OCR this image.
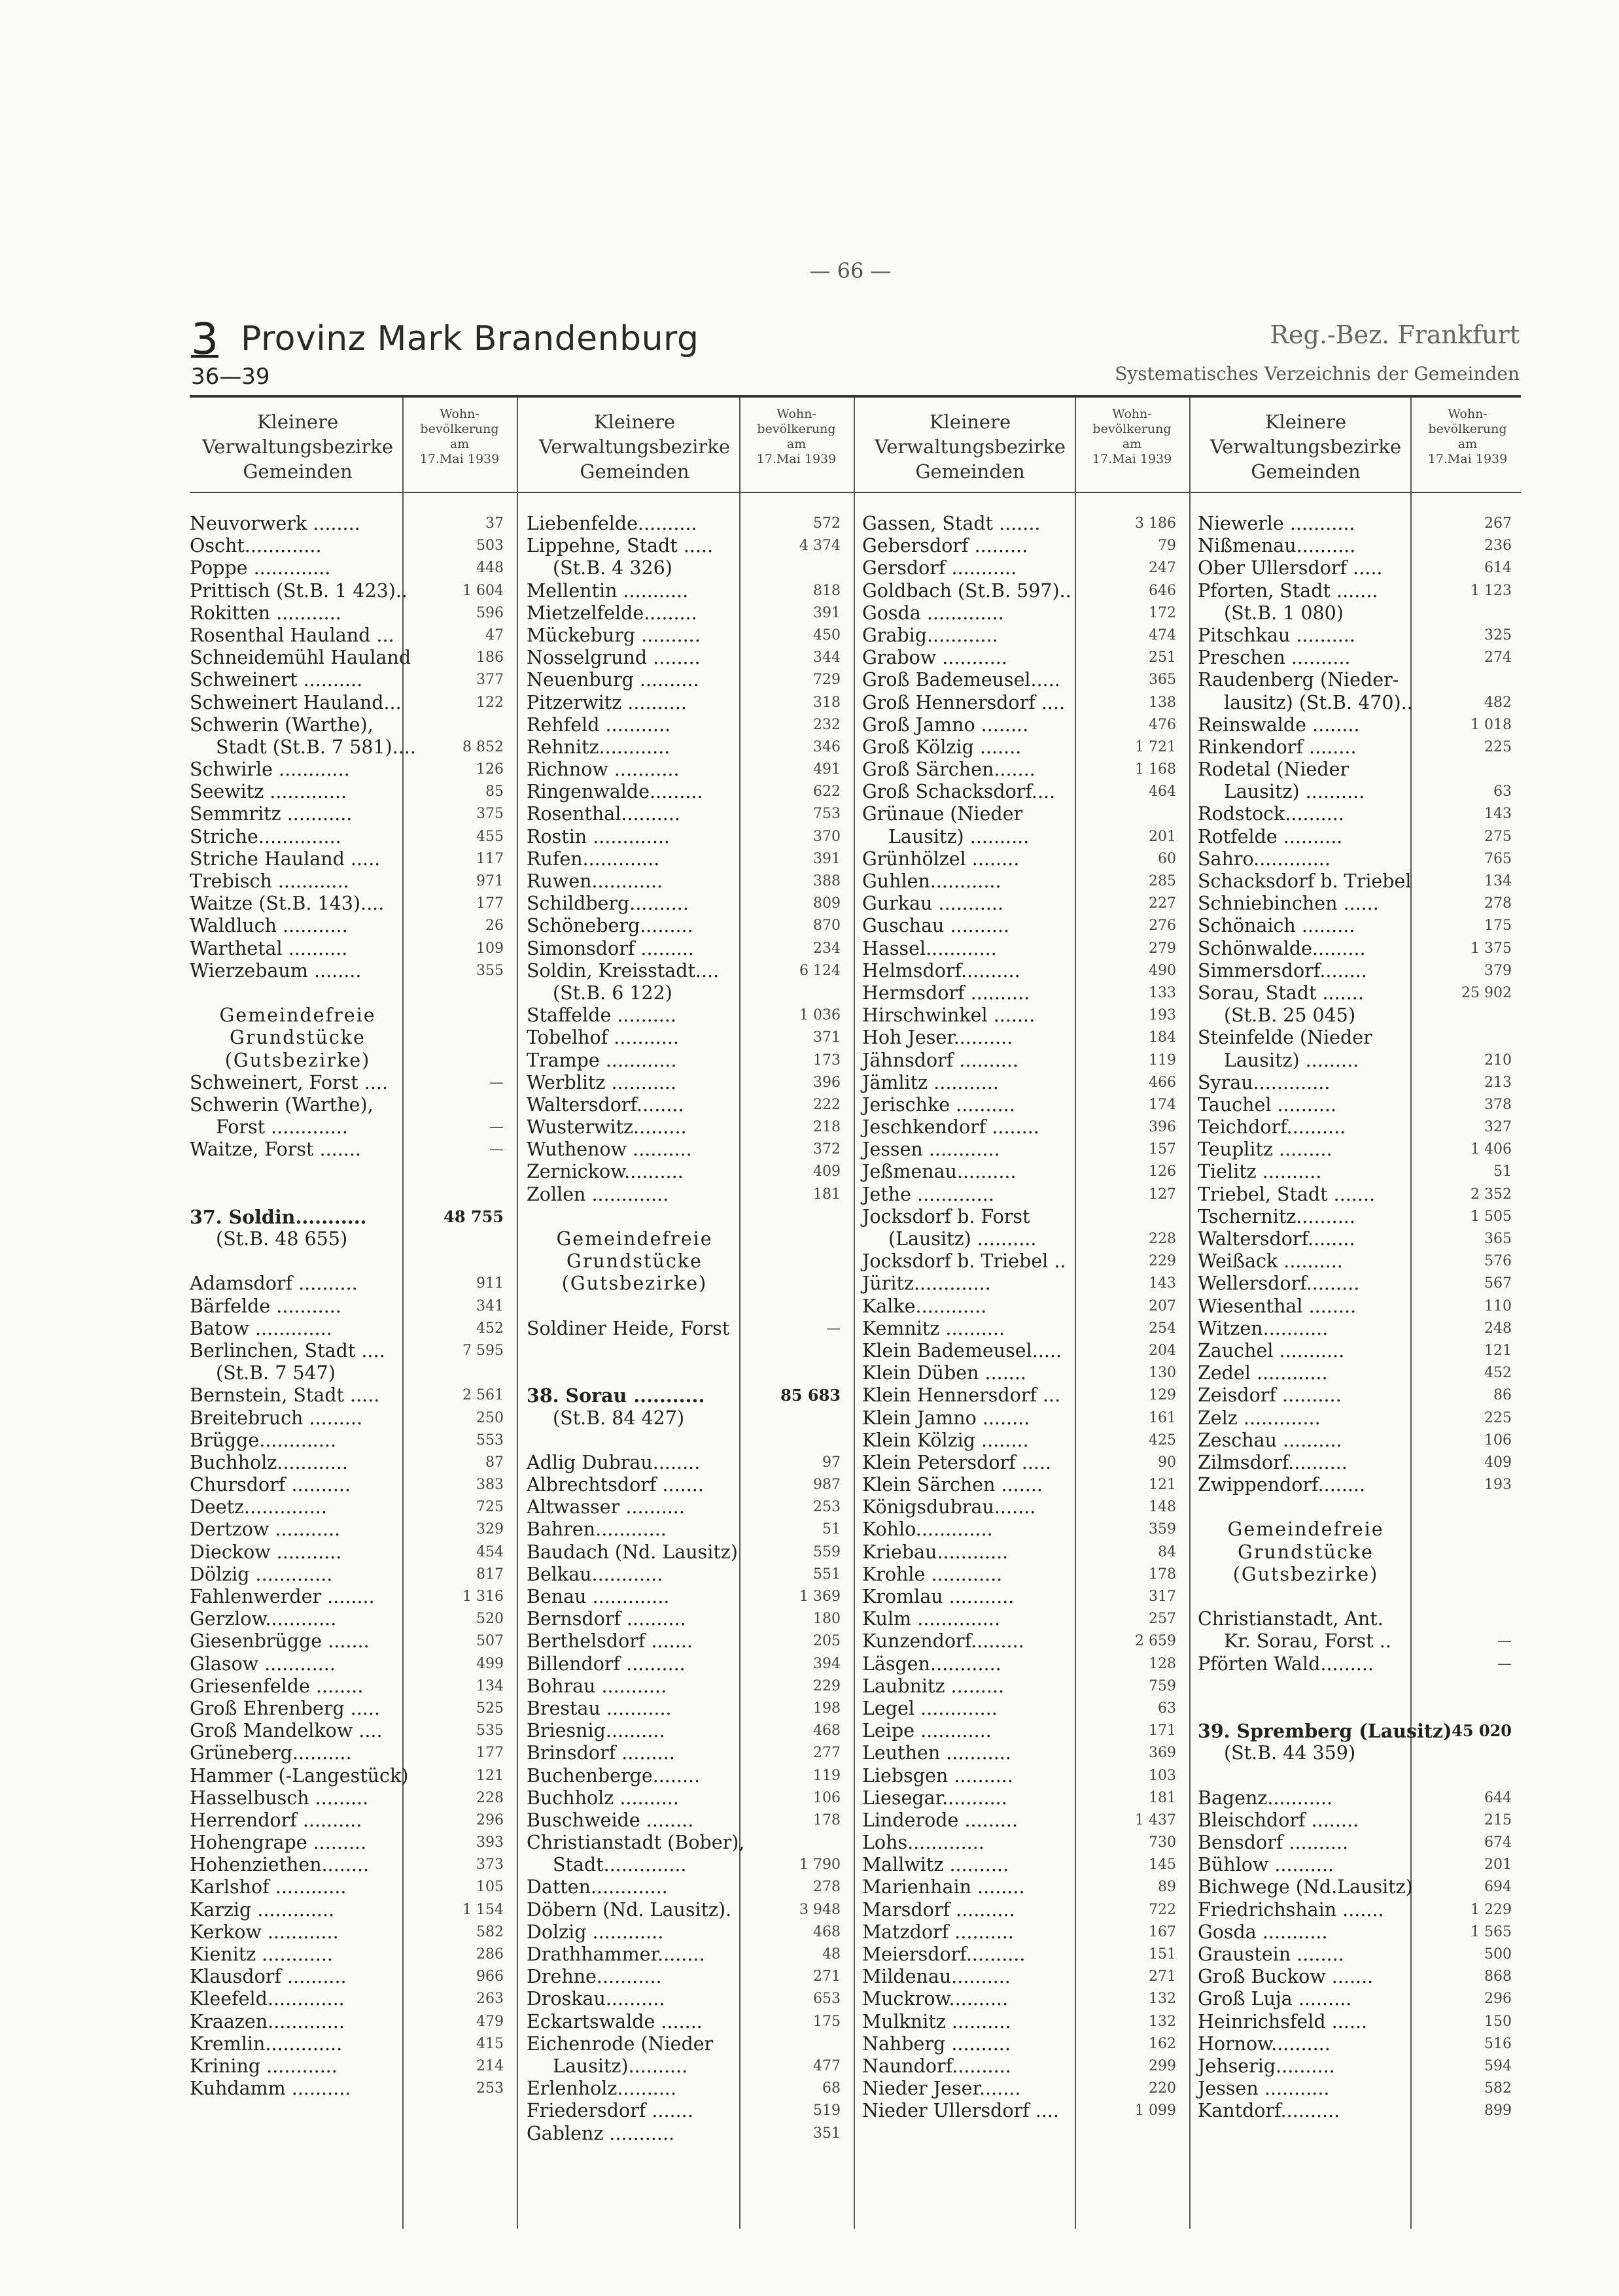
— 66 —
3 Provinz Mark Brandenburg
36—39
Reg.-Bez. Frankfurt
Systematisches Verzeichnis der Gemeinden
Kleinere
Verwaltungsbezirke
Gemeinden
Wohn-
bevölkerung
am
17.Mai 1939
Neuvorwerk ........	37
Oscht.............	503
Poppe .............	448
Prittisch (St.B. 1 423)..	1 604
Rokitten ...........	596
Rosenthal Hauland ...	47
Schneidemühl Hauland	186
Schweinert ..........	377
Schweinert Hauland...	122
Schwerin (Warthe),
Stadt (St.B. 7 581)....	8 852
Schwirle ............	126
Seewitz .............	85
Semmritz ...........	375
Striche..............	455
Striche Hauland .....	117
Trebisch ............	971
Waitze (St.B. 143)....	177
Waldluch ...........	26
Warthetal ..........	109
Wierzebaum ........	355
Gemeindefreie
Grundstücke
(Gutsbezirke)
Schweinert, Forst ....	—
Schwerin (Warthe),
Forst .............	—
Waitze, Forst .......	—
37. Soldin...........	48 755
(St.B. 48 655)
Adamsdorf ..........	911
Bärfelde ...........	341
Batow .............	452
Berlinchen, Stadt ....	7 595
(St.B. 7 547)
Bernstein, Stadt .....	2 561
Breitebruch .........	250
Brügge.............	553
Buchholz............	87
Chursdorf ..........	383
Deetz..............	725
Dertzow ...........	329
Dieckow ...........	454
Dölzig .............	817
Fahlenwerder ........	1 316
Gerzlow............	520
Giesenbrügge .......	507
Glasow ............	499
Griesenfelde ........	134
Groß Ehrenberg .....	525
Groß Mandelkow ....	535
Grüneberg..........	177
Hammer (-Langestück)	121
Hasselbusch .........	228
Herrendorf ..........	296
Hohengrape .........	393
Hohenziethen........	373
Karlshof ............	105
Karzig .............	1 154
Kerkow ............	582
Kienitz ............	286
Klausdorf ..........	966
Kleefeld.............	263
Kraazen.............	479
Kremlin.............	415
Krining ............	214
Kuhdamm ..........	253
Kleinere
Verwaltungsbezirke
Gemeinden
Wohn-
bevölkerung
am
17.Mai 1939
Liebenfelde..........	572
Lippehne, Stadt .....	4 374
(St.B. 4 326)
Mellentin ...........	818
Mietzelfelde.........	391
Mückeburg ..........	450
Nosselgrund ........	344
Neuenburg ..........	729
Pitzerwitz ..........	318
Rehfeld ...........	232
Rehnitz............	346
Richnow ...........	491
Ringenwalde.........	622
Rosenthal..........	753
Rostin .............	370
Rufen.............	391
Ruwen............	388
Schildberg..........	809
Schöneberg.........	870
Simonsdorf .........	234
Soldin, Kreisstadt....	6 124
(St.B. 6 122)
Staffelde ..........	1 036
Tobelhof ...........	371
Trampe ............	173
Werblitz ...........	396
Waltersdorf........	222
Wusterwitz.........	218
Wuthenow ..........	372
Zernickow..........	409
Zollen .............	181
Gemeindefreie
Grundstücke
(Gutsbezirke)
Soldiner Heide, Forst	—
38. Sorau ...........	85 683
(St.B. 84 427)
Adlig Dubrau........	97
Albrechtsdorf .......	987
Altwasser ..........	253
Bahren............	51
Baudach (Nd. Lausitz)	559
Belkau............	551
Benau .............	1 369
Bernsdorf ..........	180
Berthelsdorf .......	205
Billendorf ..........	394
Bohrau ...........	229
Brestau ...........	198
Briesnig..........	468
Brinsdorf .........	277
Buchenberge........	119
Buchholz ..........	106
Buschweide ........	178
Christianstadt (Bober),
Stadt..............	1 790
Datten.............	278
Döbern (Nd. Lausitz).	3 948
Dolzig ............	468
Drathhammer........	48
Drehne...........	271
Droskau..........	653
Eckartswalde .......	175
Eichenrode (Nieder
Lausitz)..........	477
Erlenholz..........	68
Friedersdorf .......	519
Gablenz ...........	351
Kleinere
Verwaltungsbezirke
Gemeinden
Wohn-
bevölkerung
am
17.Mai 1939
Gassen, Stadt .......	3 186
Gebersdorf .........	79
Gersdorf ...........	247
Goldbach (St.B. 597)..	646
Gosda .............	172
Grabig............	474
Grabow ...........	251
Groß Bademeusel.....	365
Groß Hennersdorf ....	138
Groß Jamno ........	476
Groß Kölzig .......	1 721
Groß Särchen.......	1 168
Groß Schacksdorf....	464
Grünaue (Nieder
Lausitz) ..........	201
Grünhölzel ........	60
Guhlen............	285
Gurkau ...........	227
Guschau ..........	276
Hassel............	279
Helmsdorf..........	490
Hermsdorf ..........	133
Hirschwinkel .......	193
Hoh Jeser..........	184
Jähnsdorf ..........	119
Jämlitz ...........	466
Jerischke ..........	174
Jeschkendorf ........	396
Jessen ............	157
Jeßmenau..........	126
Jethe .............	127
Jocksdorf b. Forst
(Lausitz) ..........	228
Jocksdorf b. Triebel ..	229
Jüritz.............	143
Kalke............	207
Kemnitz ..........	254
Klein Bademeusel.....	204
Klein Düben .......	130
Klein Hennersdorf ...	129
Klein Jamno ........	161
Klein Kölzig ........	425
Klein Petersdorf .....	90
Klein Särchen .......	121
Königsdubrau.......	148
Kohlo.............	359
Kriebau............	84
Krohle ............	178
Kromlau ...........	317
Kulm ..............	257
Kunzendorf.........	2 659
Läsgen............	128
Laubnitz .........	759
Legel .............	63
Leipe ............	171
Leuthen ...........	369
Liebsgen ..........	103
Liesegar...........	181
Linderode .........	1 437
Lohs.............	730
Mallwitz ..........	145
Marienhain ........	89
Marsdorf ..........	722
Matzdorf ..........	167
Meiersdorf..........	151
Mildenau..........	271
Muckrow..........	132
Mulknitz ..........	132
Nahberg ..........	162
Naundorf..........	299
Nieder Jeser.......	220
Nieder Ullersdorf ....	1 099
Kleinere
Verwaltungsbezirke
Gemeinden
Wohn-
bevölkerung
am
17.Mai 1939
Niewerle ...........	267
Nißmenau..........	236
Ober Ullersdorf .....	614
Pforten, Stadt .......	1 123
(St.B. 1 080)
Pitschkau ..........	325
Preschen ..........	274
Raudenberg (Nieder-
lausitz) (St.B. 470)..	482
Reinswalde ........	1 018
Rinkendorf ........	225
Rodetal (Nieder
Lausitz) ..........	63
Rodstock..........	143
Rotfelde ..........	275
Sahro.............	765
Schacksdorf b. Triebel	134
Schniebinchen ......	278
Schönaich .........	175
Schönwalde.........	1 375
Simmersdorf........	379
Sorau, Stadt .......	25 902
(St.B. 25 045)
Steinfelde (Nieder
Lausitz) .........	210
Syrau.............	213
Tauchel ..........	378
Teichdorf..........	327
Teuplitz .........	1 406
Tielitz ..........	51
Triebel, Stadt .......	2 352
Tschernitz..........	1 505
Waltersdorf........	365
Weißack ..........	576
Wellersdorf.........	567
Wiesenthal ........	110
Witzen...........	248
Zauchel ...........	121
Zedel ............	452
Zeisdorf ..........	86
Zelz .............	225
Zeschau ..........	106
Zilmsdorf..........	409
Zwippendorf........	193
Gemeindefreie
Grundstücke
(Gutsbezirke)
Christianstadt, Ant.
Kr. Sorau, Forst ..	—
Pförten Wald.........	—
39. Spremberg (Lausitz) 45 020
(St.B. 44 359)
Bagenz...........	644
Bleischdorf ........	215
Bensdorf ..........	674
Bühlow ..........	201
Bichwege (Nd.Lausitz)	694
Friedrichshain .......	1 229
Gosda ...........	1 565
Graustein ........	500
Groß Buckow .......	868
Groß Luja .........	296
Heinrichsfeld ......	150
Hornow..........	516
Jehserig..........	594
Jessen ...........	582
Kantdorf..........	899
